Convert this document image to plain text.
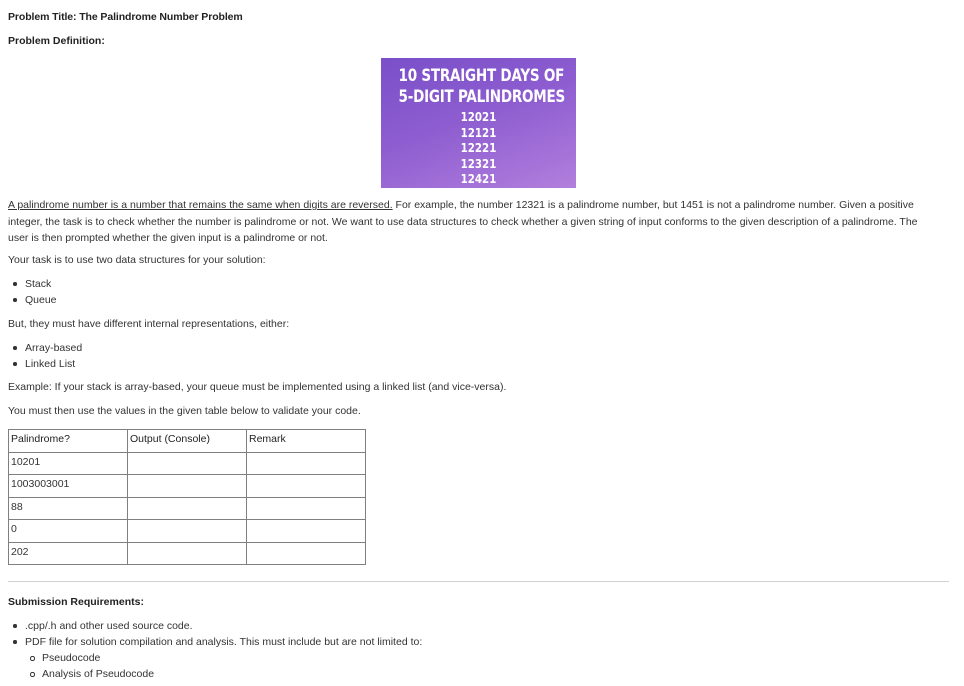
Problem Title: The Palindrome Number Problem
Problem Definition:
10 STRAIGHT DAYS OF
5-DIGIT PALINDROMES
12021
12121
12221
12321
12421
A palindrome number is a number that remains the same when digits are reversed. For example, the number 12321 is a palindrome number, but 1451 is not a palindrome number. Given a positive integer, the task is to check whether the number is palindrome or not. We want to use data structures to check whether a given string of input conforms to the given description of a palindrome. The user is then prompted whether the given input is a palindrome or not.
Your task is to use two data structures for your solution:
Stack
Queue
But, they must have different internal representations, either:
Array-based
Linked List
Example: If your stack is array-based, your queue must be implemented using a linked list (and vice-versa).
You must then use the values in the given table below to validate your code.
Palindrome?	Output (Console)	Remark
10201		
1003003001		
88		
0		
202		
Submission Requirements:
.cpp/.h and other used source code.
PDF file for solution compilation and analysis. This must include but are not limited to:
Pseudocode
Analysis of Pseudocode
